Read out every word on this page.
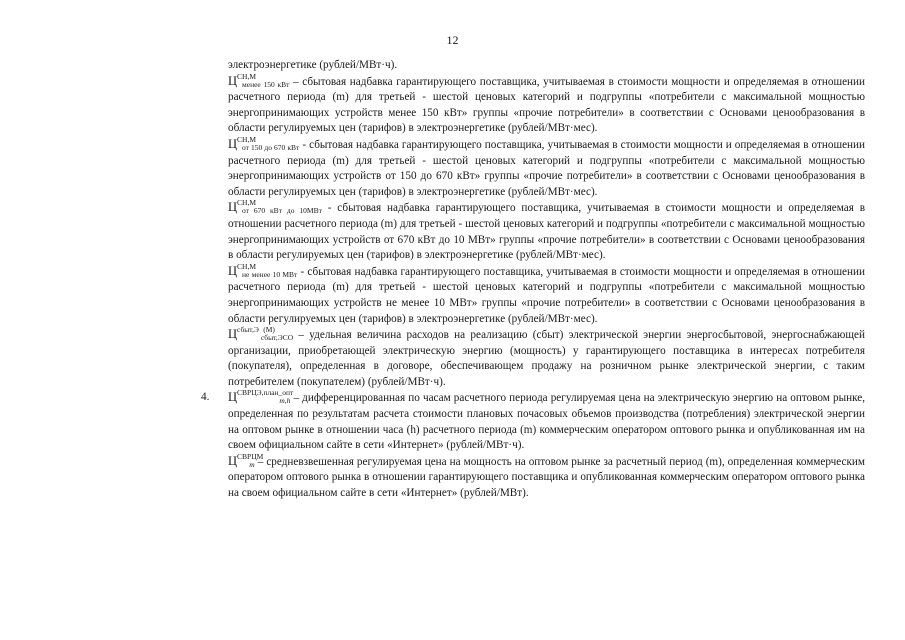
12

электроэнергетике (рублей/МВт·ч).

$Ц^{СН,М}_{менее 150 кВт}$ – сбытовая надбавка гарантирующего поставщика, учитываемая в стоимости мощности и определяемая в отношении расчетного периода (m) для третьей - шестой ценовых категорий и подгруппы «потребители с максимальной мощностью энергопринимающих устройств менее 150 кВт» группы «прочие потребители» в соответствии с Основами ценообразования в области регулируемых цен (тарифов) в электроэнергетике (рублей/МВт·мес).

$Ц^{СН,М}_{от 150 до 670 кВт}$ - сбытовая надбавка гарантирующего поставщика, учитываемая в стоимости мощности и определяемая в отношении расчетного периода (m) для третьей - шестой ценовых категорий и подгруппы «потребители с максимальной мощностью энергопринимающих устройств от 150 до 670 кВт» группы «прочие потребители» в соответствии с Основами ценообразования в области регулируемых цен (тарифов) в электроэнергетике (рублей/МВт·мес).

$Ц^{СН,М}_{от 670 кВт до 10МВт}$ - сбытовая надбавка гарантирующего поставщика, учитываемая в стоимости мощности и определяемая в отношении расчетного периода (m) для третьей - шестой ценовых категорий и подгруппы «потребители с максимальной мощностью энергопринимающих устройств от 670 кВт до 10 МВт» группы «прочие потребители» в соответствии с Основами ценообразования в области регулируемых цен (тарифов) в электроэнергетике (рублей/МВт·мес).

$Ц^{СН,М}_{не менее 10 МВт}$ - сбытовая надбавка гарантирующего поставщика, учитываемая в стоимости мощности и определяемая в отношении расчетного периода (m) для третьей - шестой ценовых категорий и подгруппы «потребители с максимальной мощностью энергопринимающих устройств не менее 10 МВт» группы «прочие потребители» в соответствии с Основами ценообразования в области регулируемых цен (тарифов) в электроэнергетике (рублей/МВт·мес).

$Ц^{сбыт,Э (М)}_{сбыт,ЭСО}$ – удельная величина расходов на реализацию (сбыт) электрической энергии энергосбытовой, энергоснабжающей организации, приобретающей электрическую энергию (мощность) у гарантирующего поставщика в интересах потребителя (покупателя), определенная в договоре, обеспечивающем продажу на розничном рынке электрической энергии, с таким потребителем (покупателем) (рублей/МВт·ч).

4. $Ц^{СВРЦЭ,план\_опт}_{m,h}$ – дифференцированная по часам расчетного периода регулируемая цена на электрическую энергию на оптовом рынке, определенная по результатам расчета стоимости плановых почасовых объемов производства (потребления) электрической энергии на оптовом рынке в отношении часа (h) расчетного периода (m) коммерческим оператором оптового рынка и опубликованная им на своем официальном сайте в сети «Интернет» (рублей/МВт·ч).

$Ц^{СВРЦМ}_m$ – средневзвешенная регулируемая цена на мощность на оптовом рынке за расчетный период (m), определенная коммерческим оператором оптового рынка в отношении гарантирующего поставщика и опубликованная коммерческим оператором оптового рынка на своем официальном сайте в сети «Интернет» (рублей/МВт).
